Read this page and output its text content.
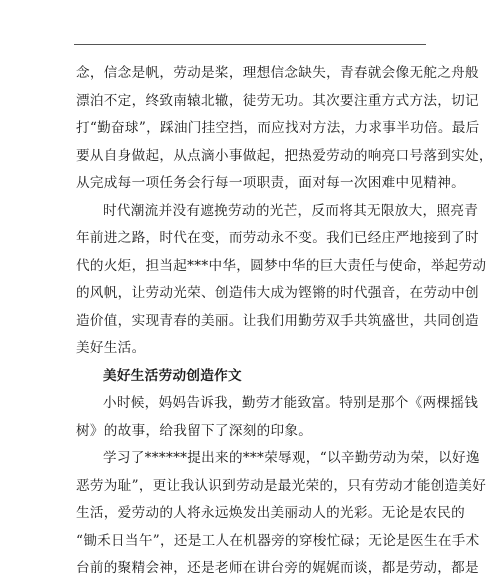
念，信念是帆，劳动是桨，理想信念缺失，青春就会像无舵之舟般
漂泊不定，终致南辕北辙，徒劳无功。其次要注重方式方法，切记
打“勤奋球”，踩油门挂空挡，而应找对方法，力求事半功倍。最后
要从自身做起，从点滴小事做起，把热爱劳动的响亮口号落到实处，
从完成每一项任务会行每一项职责，面对每一次困难中见精神。
时代潮流并没有遮挽劳动的光芒，反而将其无限放大，照亮青
年前进之路，时代在变，而劳动永不变。我们已经庄严地接到了时
代的火炬，担当起***中华，圆梦中华的巨大责任与使命，举起劳动
的风帆，让劳动光荣、创造伟大成为铿锵的时代强音，在劳动中创
造价值，实现青春的美丽。让我们用勤劳双手共筑盛世，共同创造
美好生活。
美好生活劳动创造作文
小时候，妈妈告诉我，勤劳才能致富。特别是那个《两棵摇钱
树》的故事，给我留下了深刻的印象。
学习了******提出来的***荣辱观，“以辛勤劳动为荣，以好逸
恶劳为耻”，更让我认识到劳动是最光荣的，只有劳动才能创造美好
生活，爱劳动的人将永远焕发出美丽动人的光彩。无论是农民的
“锄禾日当午”，还是工人在机器旁的穿梭忙碌；无论是医生在手术
台前的聚精会神，还是老师在讲台旁的娓娓而谈，都是劳动，都是
